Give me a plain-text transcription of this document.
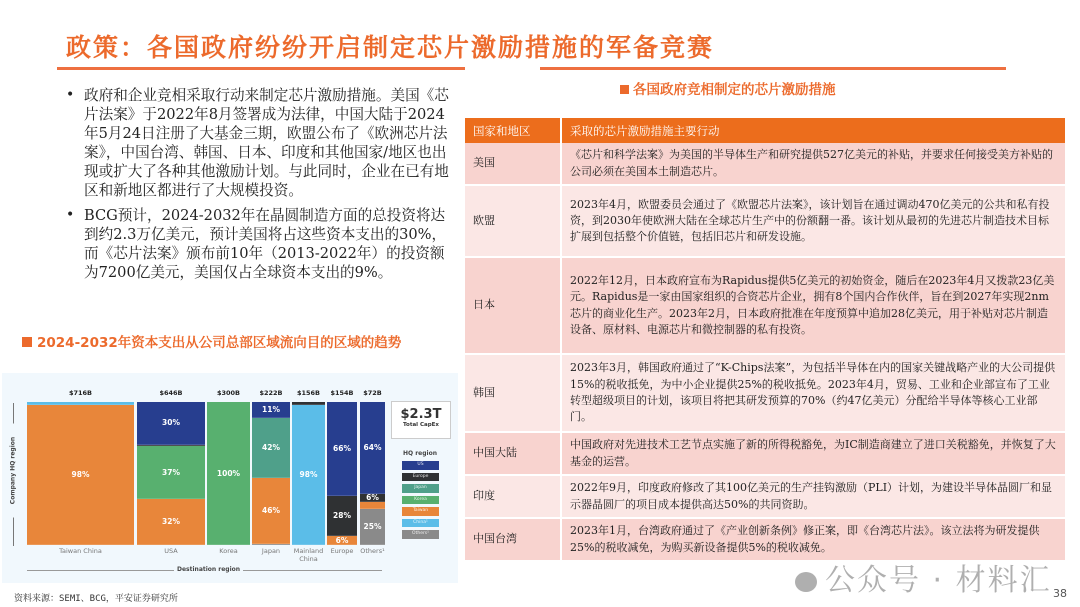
政策：各国政府纷纷开启制定芯片激励措施的军备竞赛
• 政府和企业竞相采取行动来制定芯片激励措施。美国《芯片法案》于2022年8月签署成为法律，中国大陆于2024年5月24日注册了大基金三期，欧盟公布了《欧洲芯片法案》，中国台湾、韩国、日本、印度和其他国家/地区也出现或扩大了各种其他激励计划。与此同时，企业在已有地区和新地区都进行了大规模投资。
• BCG预计，2024-2032年在晶圆制造方面的总投资将达到约2.3万亿美元，预计美国将占这些资本支出的30%，而《芯片法案》颁布前10年（2013-2022年）的投资额为7200亿美元，美国仅占全球资本支出的9%。
2024-2032年资本支出从公司总部区域流向目的区域的趋势
Company HQ region
$716B
98%
Taiwan China
$646B
30%
37%
32%
USA
$300B
100%
Korea
$222B
11%
42%
46%
Japan
$156B
98%
Mainland China
$154B
66%
28%
6%
Europe
$72B
64%
6%
25%
Others¹
Destination region
$2.3T
Total CapEx
HQ region
US
Europe
Japan
Korea
Taiwan
China¹
Others¹
资料来源：SEMI、BCG，平安证券研究所
各国政府竞相制定的芯片激励措施
国家和地区	采取的芯片激励措施主要行动
美国	《芯片和科学法案》为美国的半导体生产和研究提供527亿美元的补贴，并要求任何接受美方补贴的公司必须在美国本土制造芯片。
欧盟	2023年4月，欧盟委员会通过了《欧盟芯片法案》，该计划旨在通过调动470亿美元的公共和私有投资，到2030年使欧洲大陆在全球芯片生产中的份额翻一番。该计划从最初的先进芯片制造技术目标扩展到包括整个价值链，包括旧芯片和研发设施。
日本	2022年12月，日本政府宣布为Rapidus提供5亿美元的初始资金，随后在2023年4月又拨款23亿美元。Rapidus是一家由国家组织的合资芯片企业，拥有8个国内合作伙伴，旨在到2027年实现2nm芯片的商业化生产。2023年2月，日本政府批准在年度预算中追加28亿美元，用于补贴对芯片制造设备、原材料、电源芯片和微控制器的私有投资。
韩国	2023年3月，韩国政府通过了“K-Chips法案”，为包括半导体在内的国家关键战略产业的大公司提供15%的税收抵免，为中小企业提供25%的税收抵免。2023年4月，贸易、工业和企业部宣布了工业转型超级项目的计划，该项目将把其研发预算的70%（约47亿美元）分配给半导体等核心工业部门。
中国大陆	中国政府对先进技术工艺节点实施了新的所得税豁免，为IC制造商建立了进口关税豁免，并恢复了大基金的运营。
印度	2022年9月，印度政府修改了其100亿美元的生产挂钩激励（PLI）计划，为建设半导体晶圆厂和显示器晶圆厂的项目成本提供高达50%的共同资助。
中国台湾	2023年1月，台湾政府通过了《产业创新条例》修正案，即《台湾芯片法》。该立法将为研发提供25%的税收减免，为购买新设备提供5%的税收减免。
公众号 · 材料汇 38
